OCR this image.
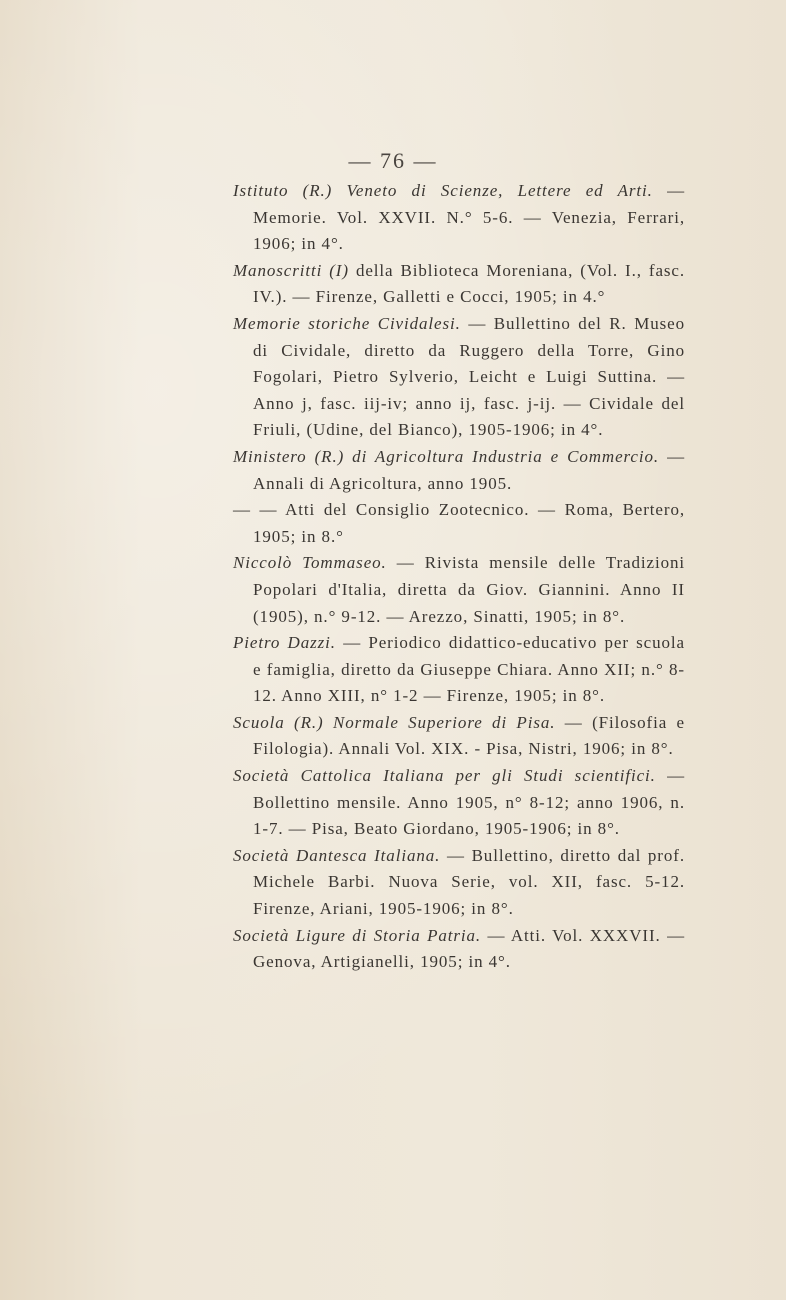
— 76 —

Istituto (R.) Veneto di Scienze, Lettere ed Arti. — Memorie. Vol. XXVII. N.° 5-6. — Venezia, Ferrari, 1906; in 4°.

Manoscritti (I) della Biblioteca Moreniana, (Vol. I., fasc. IV.). — Firenze, Galletti e Cocci, 1905; in 4.°

Memorie storiche Cividalesi. — Bullettino del R. Museo di Cividale, diretto da Ruggero della Torre, Gino Fogolari, Pietro Sylverio, Leicht e Luigi Suttina. — Anno j, fasc. iij-iv; anno ij, fasc. j-ij. — Cividale del Friuli, (Udine, del Bianco), 1905-1906; in 4°.

Ministero (R.) di Agricoltura Industria e Commercio. — Annali di Agricoltura, anno 1905.

— — Atti del Consiglio Zootecnico. — Roma, Bertero, 1905; in 8.°

Niccolò Tommaseo. — Rivista mensile delle Tradizioni Popolari d'Italia, diretta da Giov. Giannini. Anno II (1905), n.° 9-12. — Arezzo, Sinatti, 1905; in 8°.

Pietro Dazzi. — Periodico didattico-educativo per scuola e famiglia, diretto da Giuseppe Chiara. Anno XII; n.° 8-12. Anno XIII, n° 1-2 — Firenze, 1905; in 8°.

Scuola (R.) Normale Superiore di Pisa. — (Filosofia e Filologia). Annali Vol. XIX. - Pisa, Nistri, 1906; in 8°.

Società Cattolica Italiana per gli Studi scientifici. — Bollettino mensile. Anno 1905, n° 8-12; anno 1906, n. 1-7. — Pisa, Beato Giordano, 1905-1906; in 8°.

Società Dantesca Italiana. — Bullettino, diretto dal prof. Michele Barbi. Nuova Serie, vol. XII, fasc. 5-12. Firenze, Ariani, 1905-1906; in 8°.

Società Ligure di Storia Patria. — Atti. Vol. XXXVII. — Genova, Artigianelli, 1905; in 4°.
